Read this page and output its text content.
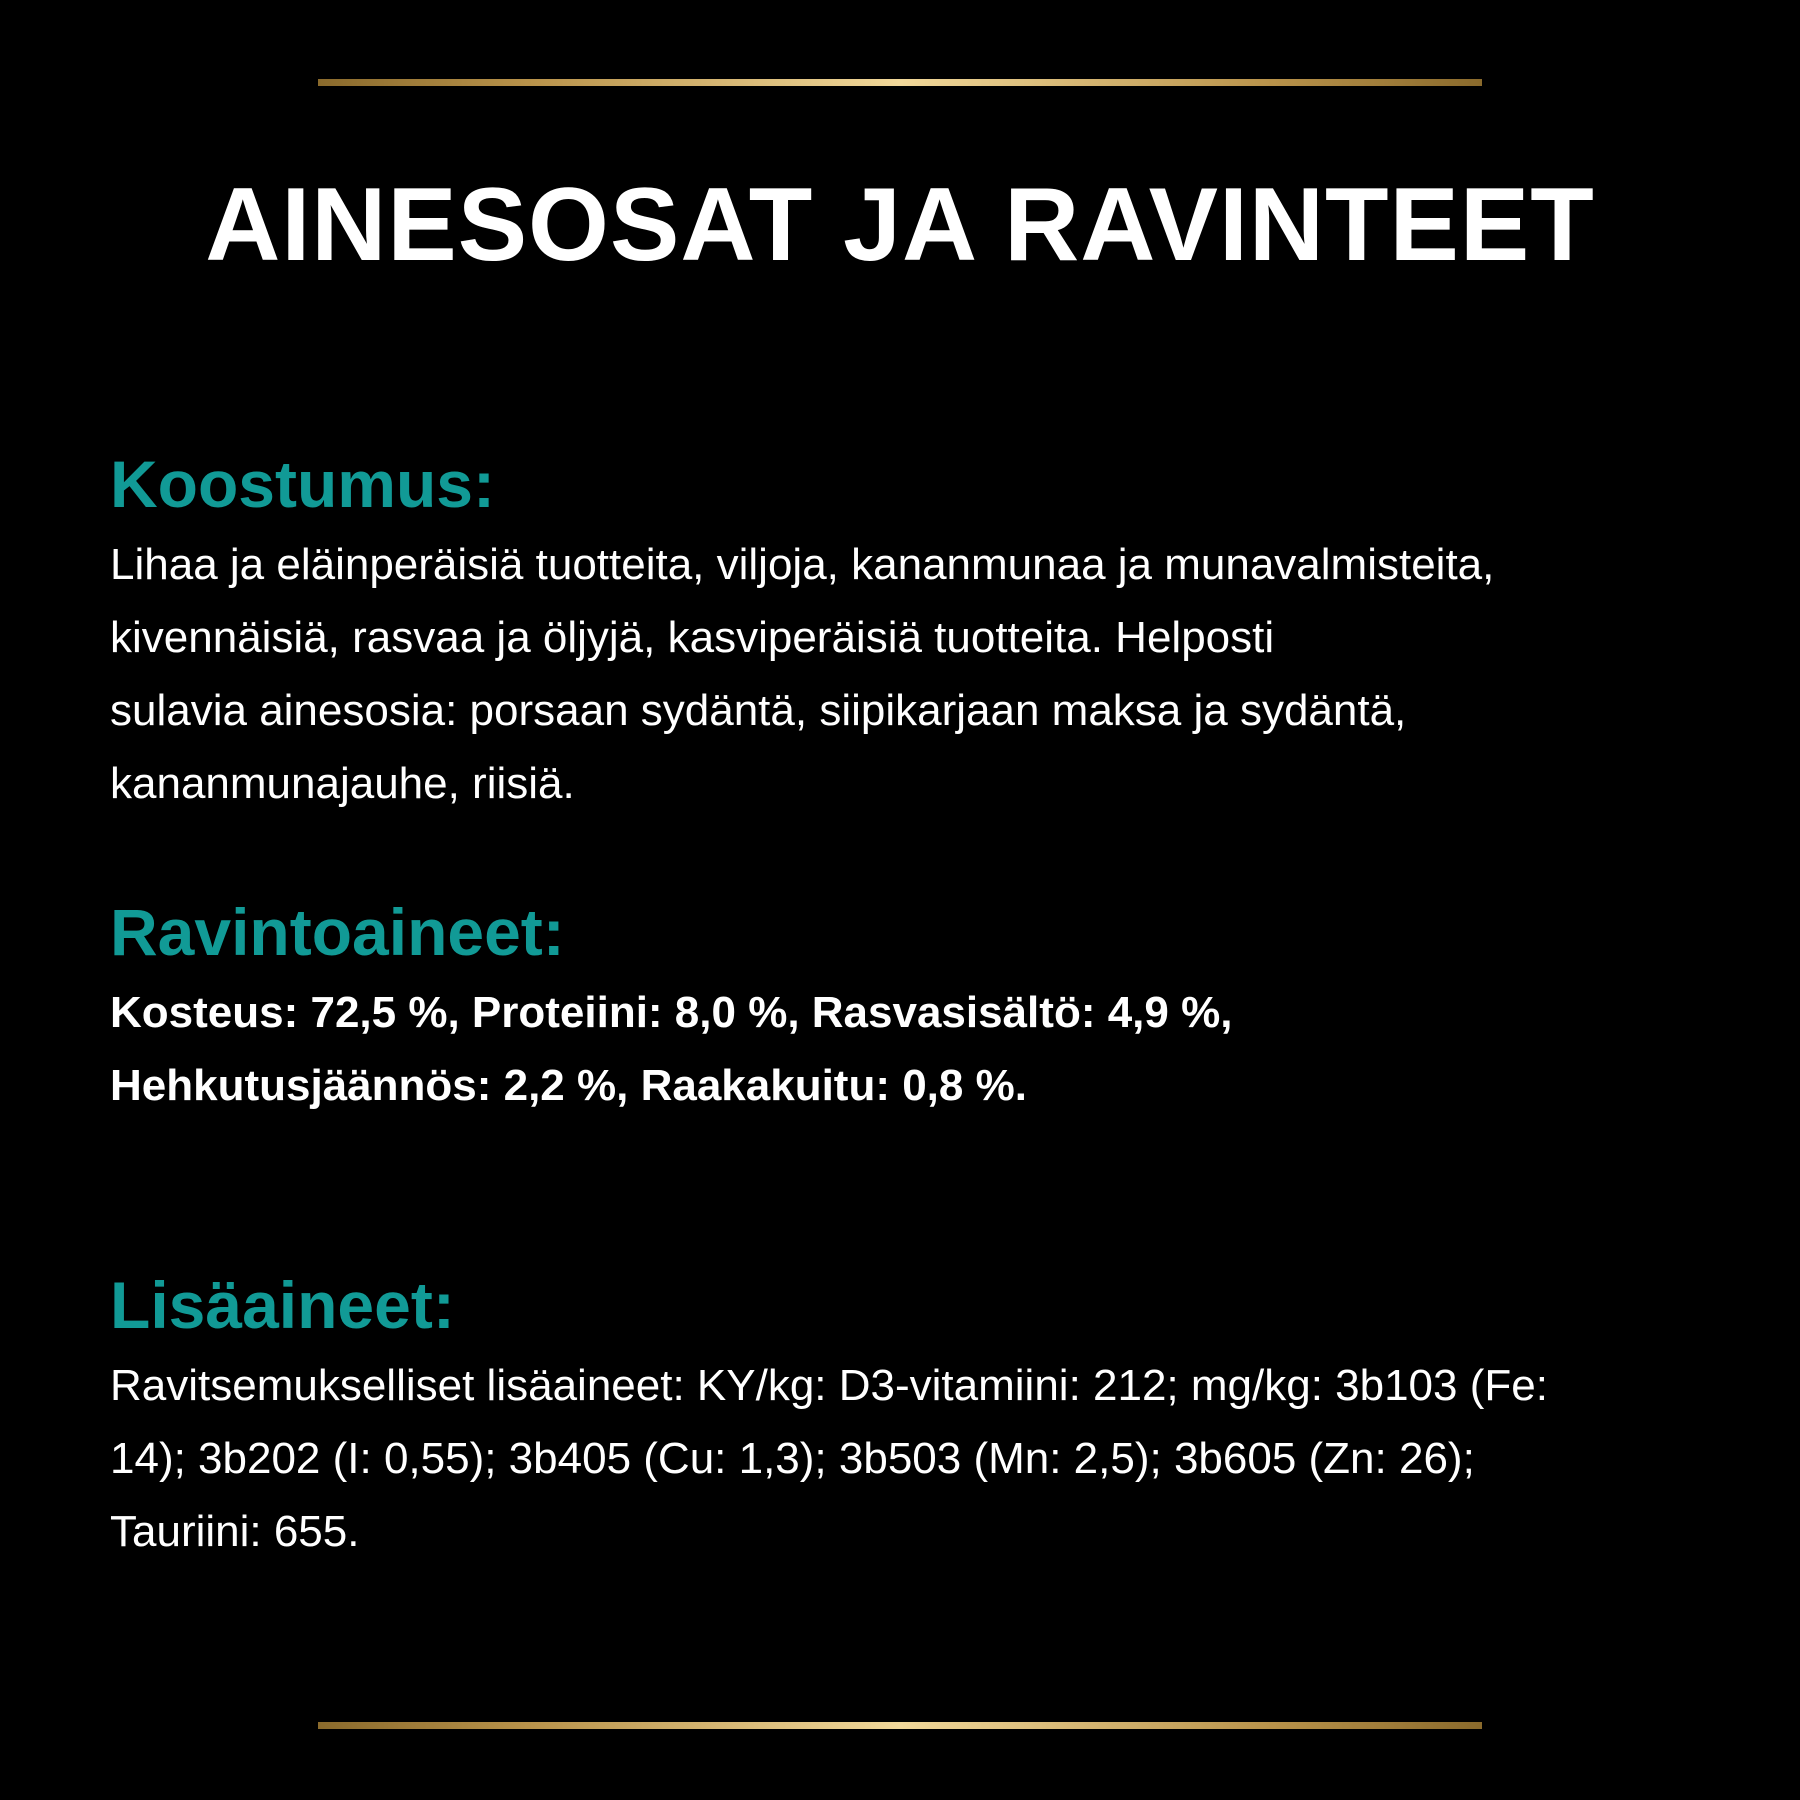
AINESOSAT JA RAVINTEET
Koostumus:

Lihaa ja eläinperäisiä tuotteita, viljoja, kananmunaa ja munavalmisteita,
kivennäisiä, rasvaa ja öljyjä, kasviperäisiä tuotteita. Helposti
sulavia ainesosia: porsaan sydäntä, siipikarjaan maksa ja sydäntä,
kananmunajauhe, riisiä.

Ravintoaineet:

Kosteus: 72,5 %, Proteiini: 8,0 %, Rasvasisältö: 4,9 %,
Hehkutusjäännös: 2,2 %, Raakakuitu: 0,8 %.

Lisäaineet:

Ravitsemukselliset lisäaineet: KY/kg: D3-vitamiini: 212; mg/kg: 3b103 (Fe:
14); 3b202 (I: 0,55); 3b405 (Cu: 1,3); 3b503 (Mn: 2,5); 3b605 (Zn: 26);
Tauriini: 655.
